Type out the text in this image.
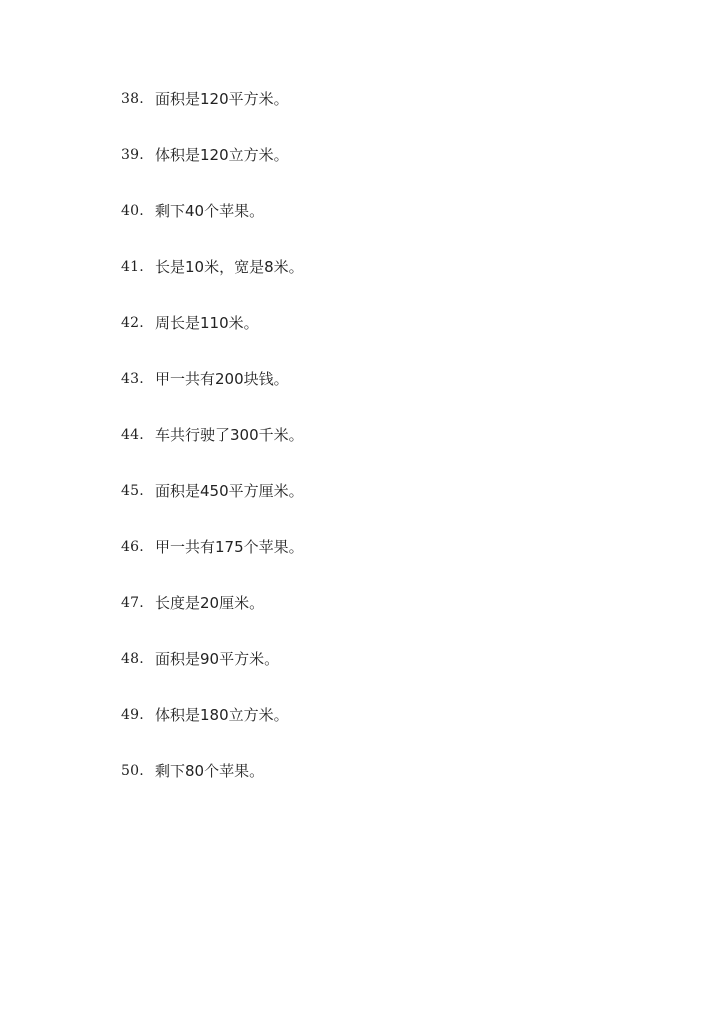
38. 面积是120平方米。
39. 体积是120立方米。
40. 剩下40个苹果。
41. 长是10米，宽是8米。
42. 周长是110米。
43. 甲一共有200块钱。
44. 车共行驶了300千米。
45. 面积是450平方厘米。
46. 甲一共有175个苹果。
47. 长度是20厘米。
48. 面积是90平方米。
49. 体积是180立方米。
50. 剩下80个苹果。
